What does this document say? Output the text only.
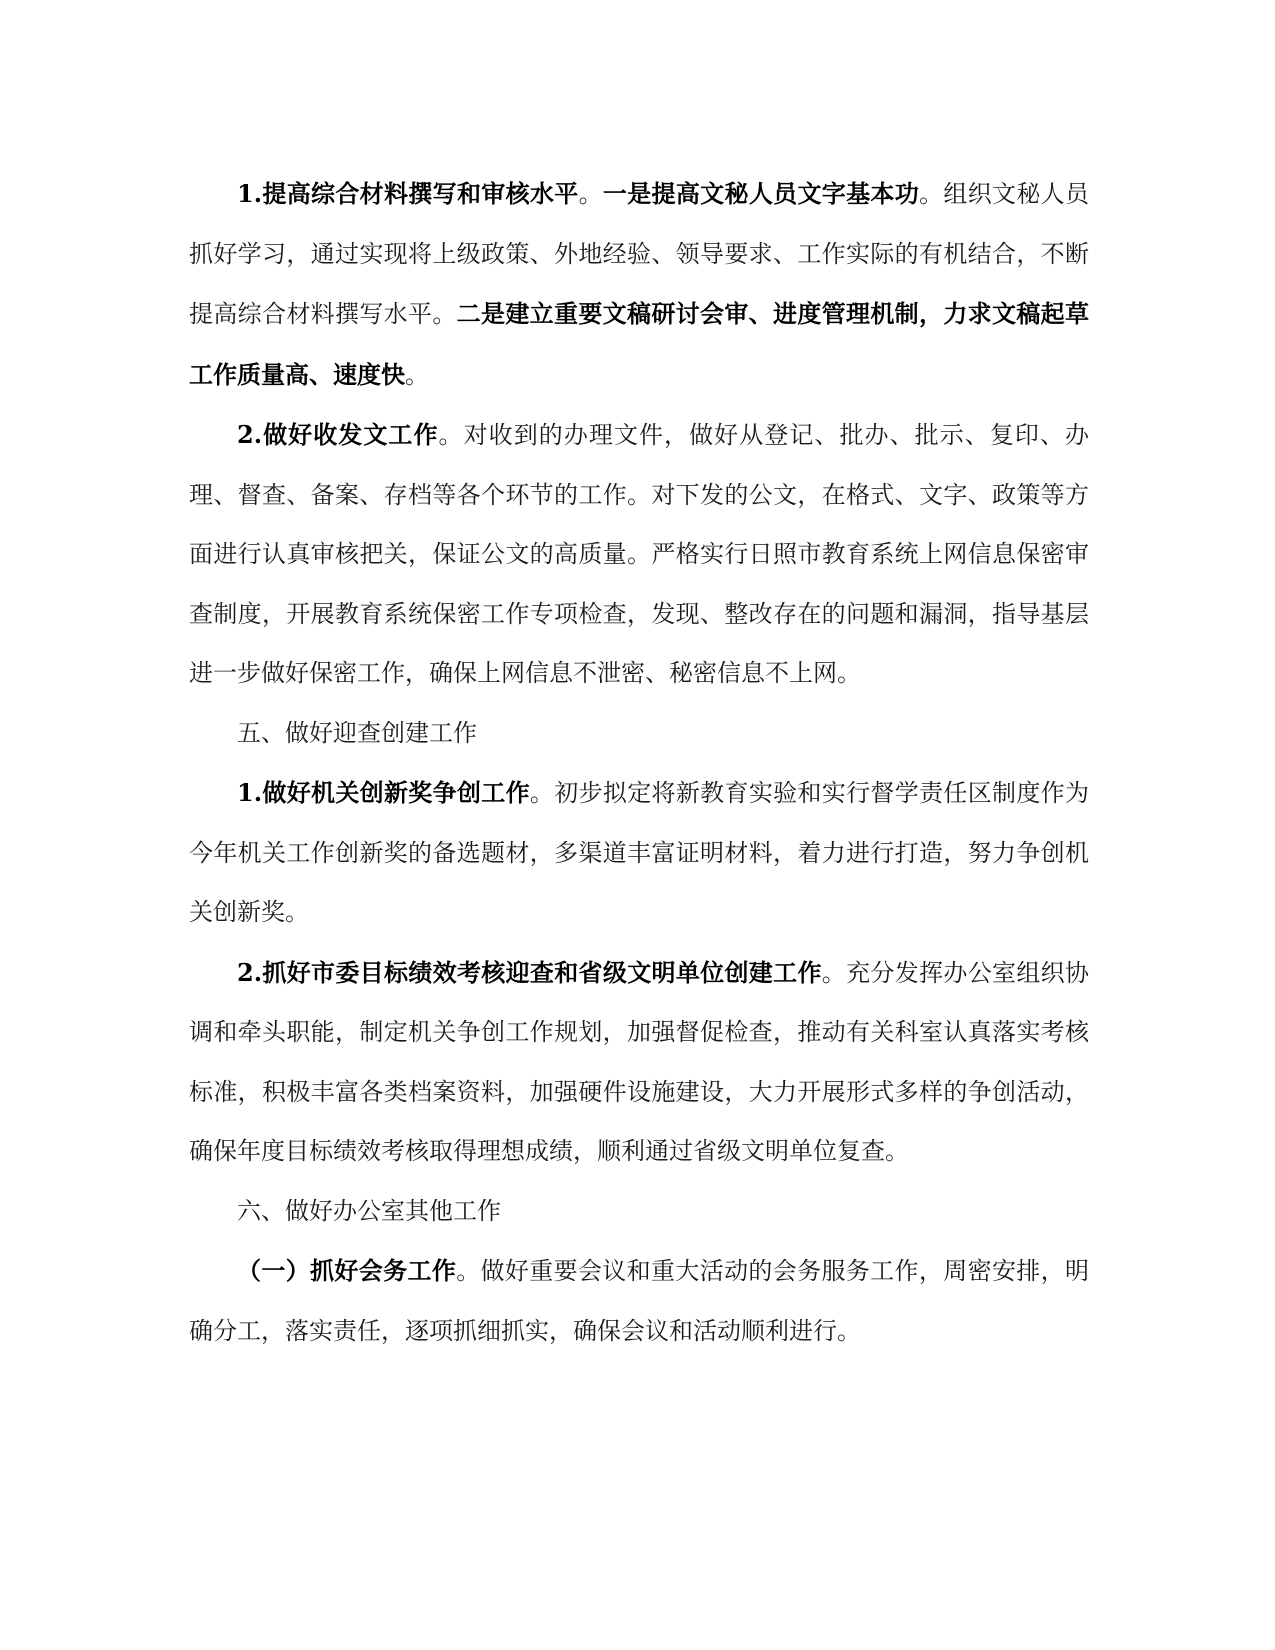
1.提高综合材料撰写和审核水平。一是提高文秘人员文字基本功。组织文秘人员抓好学习，通过实现将上级政策、外地经验、领导要求、工作实际的有机结合，不断提高综合材料撰写水平。二是建立重要文稿研讨会审、进度管理机制，力求文稿起草工作质量高、速度快。

2.做好收发文工作。对收到的办理文件，做好从登记、批办、批示、复印、办理、督查、备案、存档等各个环节的工作。对下发的公文，在格式、文字、政策等方面进行认真审核把关，保证公文的高质量。严格实行日照市教育系统上网信息保密审查制度，开展教育系统保密工作专项检查，发现、整改存在的问题和漏洞，指导基层进一步做好保密工作，确保上网信息不泄密、秘密信息不上网。

五、做好迎查创建工作

1.做好机关创新奖争创工作。初步拟定将新教育实验和实行督学责任区制度作为今年机关工作创新奖的备选题材，多渠道丰富证明材料，着力进行打造，努力争创机关创新奖。

2.抓好市委目标绩效考核迎查和省级文明单位创建工作。充分发挥办公室组织协调和牵头职能，制定机关争创工作规划，加强督促检查，推动有关科室认真落实考核标准，积极丰富各类档案资料，加强硬件设施建设，大力开展形式多样的争创活动，确保年度目标绩效考核取得理想成绩，顺利通过省级文明单位复查。

六、做好办公室其他工作

（一）抓好会务工作。做好重要会议和重大活动的会务服务工作，周密安排，明确分工，落实责任，逐项抓细抓实，确保会议和活动顺利进行。
